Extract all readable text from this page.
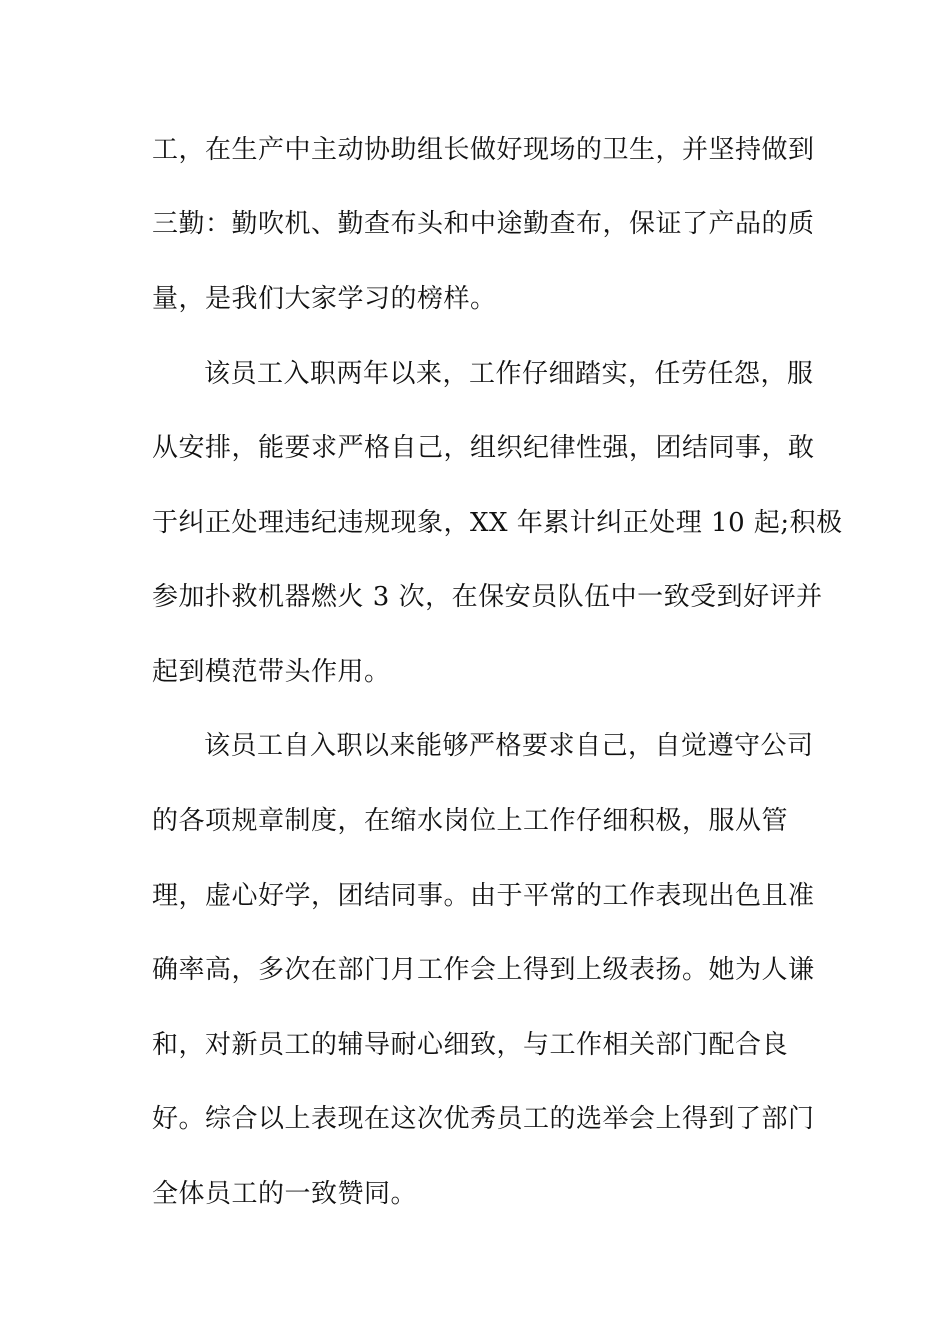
工，在生产中主动协助组长做好现场的卫生，并坚持做到
三勤：勤吹机、勤查布头和中途勤查布，保证了产品的质
量，是我们大家学习的榜样。
该员工入职两年以来，工作仔细踏实，任劳任怨，服
从安排，能要求严格自己，组织纪律性强，团结同事，敢
于纠正处理违纪违规现象，XX 年累计纠正处理 10 起;积极
参加扑救机器燃火 3 次，在保安员队伍中一致受到好评并
起到模范带头作用。
该员工自入职以来能够严格要求自己，自觉遵守公司
的各项规章制度，在缩水岗位上工作仔细积极，服从管
理，虚心好学，团结同事。由于平常的工作表现出色且准
确率高，多次在部门月工作会上得到上级表扬。她为人谦
和，对新员工的辅导耐心细致，与工作相关部门配合良
好。综合以上表现在这次优秀员工的选举会上得到了部门
全体员工的一致赞同。
